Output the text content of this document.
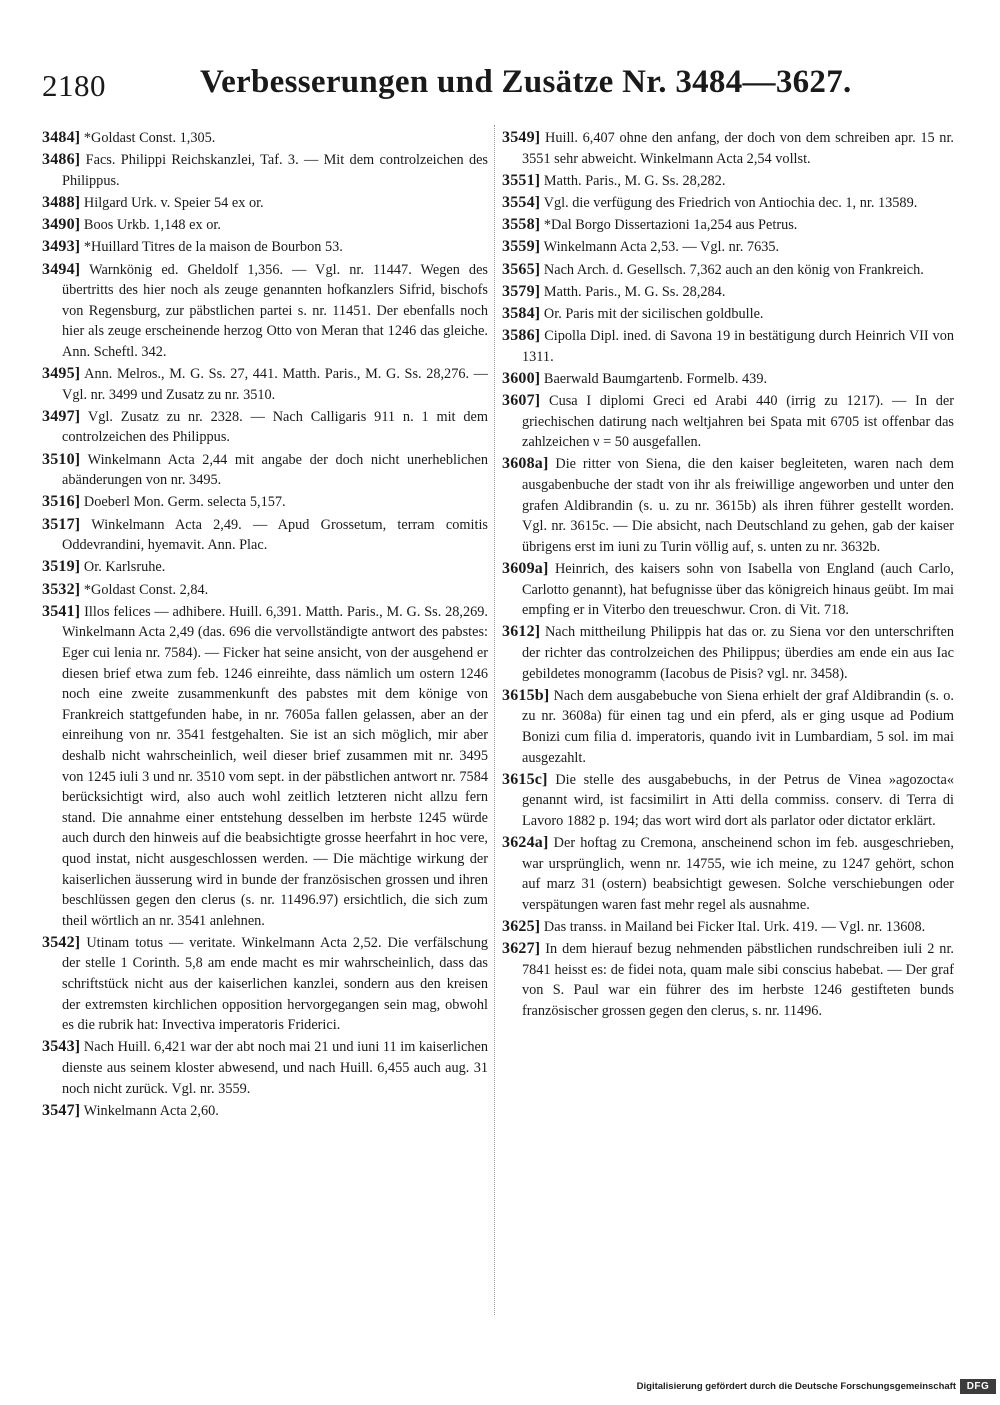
2180	Verbesserungen und Zusätze Nr. 3484—3627.

3484] *Goldast Const. 1,305.

3486] Facs. Philippi Reichskanzlei, Taf. 3. — Mit dem controlzeichen des Philippus.

3488] Hilgard Urk. v. Speier 54 ex or.

3490] Boos Urkb. 1,148 ex or.

3493] *Huillard Titres de la maison de Bourbon 53.

3494] Warnkönig ed. Gheldolf 1,356. — Vgl. nr. 11447. Wegen des übertritts des hier noch als zeuge genannten hofkanzlers Sifrid, bischofs von Regensburg, zur päbstlichen partei s. nr. 11451. Der ebenfalls noch hier als zeuge erscheinende herzog Otto von Meran that 1246 das gleiche. Ann. Scheftl. 342.

3495] Ann. Melros., M. G. Ss. 27, 441. Matth. Paris., M. G. Ss. 28,276. — Vgl. nr. 3499 und Zusatz zu nr. 3510.

3497] Vgl. Zusatz zu nr. 2328. — Nach Calligaris 911 n. 1 mit dem controlzeichen des Philippus.

3510] Winkelmann Acta 2,44 mit angabe der doch nicht unerheblichen abänderungen von nr. 3495.

3516] Doeberl Mon. Germ. selecta 5,157.

3517] Winkelmann Acta 2,49. — Apud Grossetum, terram comitis Oddevrandini, hyemavit. Ann. Plac.

3519] Or. Karlsruhe.

3532] *Goldast Const. 2,84.

3541] Illos felices — adhibere. Huill. 6,391. Matth. Paris., M. G. Ss. 28,269. Winkelmann Acta 2,49 (das. 696 die vervollständigte antwort des pabstes: Eger cui lenia nr. 7584). — Ficker hat seine ansicht, von der ausgehend er diesen brief etwa zum feb. 1246 einreihte, dass nämlich um ostern 1246 noch eine zweite zusammenkunft des pabstes mit dem könige von Frankreich stattgefunden habe, in nr. 7605a fallen gelassen, aber an der einreihung von nr. 3541 festgehalten. Sie ist an sich möglich, mir aber deshalb nicht wahrscheinlich, weil dieser brief zusammen mit nr. 3495 von 1245 iuli 3 und nr. 3510 vom sept. in der päbstlichen antwort nr. 7584 berücksichtigt wird, also auch wohl zeitlich letzteren nicht allzu fern stand. Die annahme einer entstehung desselben im herbste 1245 würde auch durch den hinweis auf die beabsichtigte grosse heerfahrt in hoc vere, quod instat, nicht ausgeschlossen werden. — Die mächtige wirkung der kaiserlichen äusserung wird in bunde der französischen grossen und ihren beschlüssen gegen den clerus (s. nr. 11496.97) ersichtlich, die sich zum theil wörtlich an nr. 3541 anlehnen.

3542] Utinam totus — veritate. Winkelmann Acta 2,52. Die verfälschung der stelle 1 Corinth. 5,8 am ende macht es mir wahrscheinlich, dass das schriftstück nicht aus der kaiserlichen kanzlei, sondern aus den kreisen der extremsten kirchlichen opposition hervorgegangen sein mag, obwohl es die rubrik hat: Invectiva imperatoris Friderici.

3543] Nach Huill. 6,421 war der abt noch mai 21 und iuni 11 im kaiserlichen dienste aus seinem kloster abwesend, und nach Huill. 6,455 auch aug. 31 noch nicht zurück. Vgl. nr. 3559.

3547] Winkelmann Acta 2,60.

3549] Huill. 6,407 ohne den anfang, der doch von dem schreiben apr. 15 nr. 3551 sehr abweicht. Winkelmann Acta 2,54 vollst.

3551] Matth. Paris., M. G. Ss. 28,282.

3554] Vgl. die verfügung des Friedrich von Antiochia dec. 1, nr. 13589.

3558] *Dal Borgo Dissertazioni 1a,254 aus Petrus.

3559] Winkelmann Acta 2,53. — Vgl. nr. 7635.

3565] Nach Arch. d. Gesellsch. 7,362 auch an den könig von Frankreich.

3579] Matth. Paris., M. G. Ss. 28,284.

3584] Or. Paris mit der sicilischen goldbulle.

3586] Cipolla Dipl. ined. di Savona 19 in bestätigung durch Heinrich VII von 1311.

3600] Baerwald Baumgartenb. Formelb. 439.

3607] Cusa I diplomi Greci ed Arabi 440 (irrig zu 1217). — In der griechischen datirung nach weltjahren bei Spata mit 6705 ist offenbar das zahlzeichen ν = 50 ausgefallen.

3608a] Die ritter von Siena, die den kaiser begleiteten, waren nach dem ausgabenbuche der stadt von ihr als freiwillige angeworben und unter den grafen Aldibrandin (s. u. zu nr. 3615b) als ihren führer gestellt worden. Vgl. nr. 3615c. — Die absicht, nach Deutschland zu gehen, gab der kaiser übrigens erst im iuni zu Turin völlig auf, s. unten zu nr. 3632b.

3609a] Heinrich, des kaisers sohn von Isabella von England (auch Carlo, Carlotto genannt), hat befugnisse über das königreich hinaus geübt. Im mai empfing er in Viterbo den treueschwur. Cron. di Vit. 718.

3612] Nach mittheilung Philippis hat das or. zu Siena vor den unterschriften der richter das controlzeichen des Philippus; überdies am ende ein aus Iac gebildetes monogramm (Iacobus de Pisis? vgl. nr. 3458).

3615b] Nach dem ausgabebuche von Siena erhielt der graf Aldibrandin (s. o. zu nr. 3608a) für einen tag und ein pferd, als er ging usque ad Podium Bonizi cum filia d. imperatoris, quando ivit in Lumbardiam, 5 sol. im mai ausgezahlt.

3615c] Die stelle des ausgabebuchs, in der Petrus de Vinea »agozocta« genannt wird, ist facsimilirt in Atti della commiss. conserv. di Terra di Lavoro 1882 p. 194; das wort wird dort als parlator oder dictator erklärt.

3624a] Der hoftag zu Cremona, anscheinend schon im feb. ausgeschrieben, war ursprünglich, wenn nr. 14755, wie ich meine, zu 1247 gehört, schon auf marz 31 (ostern) beabsichtigt gewesen. Solche verschiebungen oder verspätungen waren fast mehr regel als ausnahme.

3625] Das transs. in Mailand bei Ficker Ital. Urk. 419. — Vgl. nr. 13608.

3627] In dem hierauf bezug nehmenden päbstlichen rundschreiben iuli 2 nr. 7841 heisst es: de fidei nota, quam male sibi conscius habebat. — Der graf von S. Paul war ein führer des im herbste 1246 gestifteten bunds französischer grossen gegen den clerus, s. nr. 11496.

Digitalisierung gefördert durch die Deutsche Forschungsgemeinschaft	DFG
